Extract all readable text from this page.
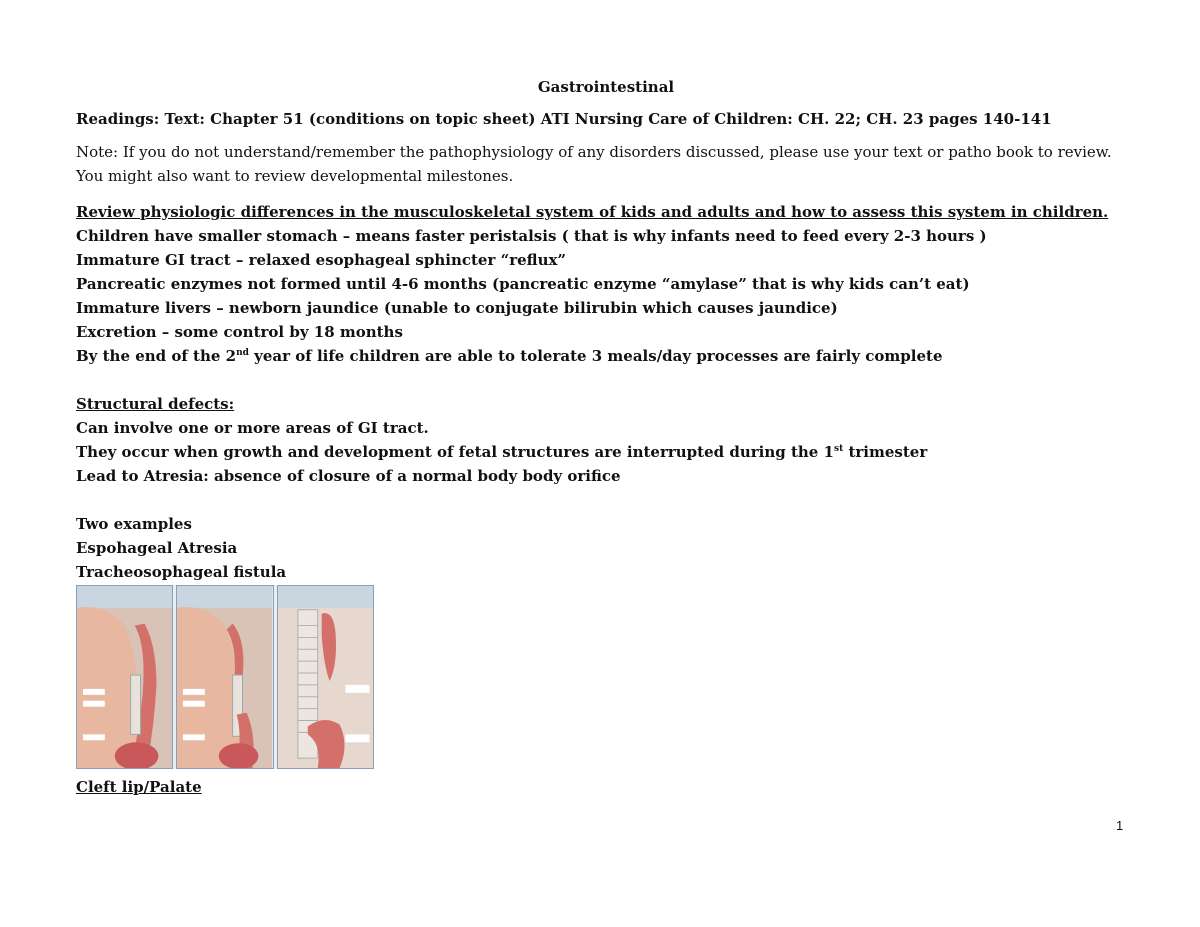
Gastrointestinal

Readings: Text: Chapter 51 (conditions on topic sheet) ATI Nursing Care of Children: CH. 22; CH. 23 pages 140-141

Note: If you do not understand/remember the pathophysiology of any disorders discussed, please use your text or patho book to review. You might also want to review developmental milestones.

Review physiologic differences in the musculoskeletal system of kids and adults and how to assess this system in children.

Children have smaller stomach – means faster peristalsis ( that is why infants need to feed every 2-3 hours )

Immature GI tract – relaxed esophageal sphincter “reflux”

Pancreatic enzymes not formed until 4-6 months (pancreatic enzyme “amylase” that is why kids can’t eat)

Immature livers – newborn jaundice (unable to conjugate bilirubin which causes jaundice)

Excretion – some control by 18 months

By the end of the 2nd year of life children are able to tolerate 3 meals/day processes are fairly complete

Structural defects:

Can involve one or more areas of GI tract.

They occur when growth and development of fetal structures are interrupted during the 1st trimester

Lead to Atresia: absence of closure of a normal body body orifice

Two examples

Espohageal Atresia

Tracheosophageal fistula

Cleft lip/Palate

1
